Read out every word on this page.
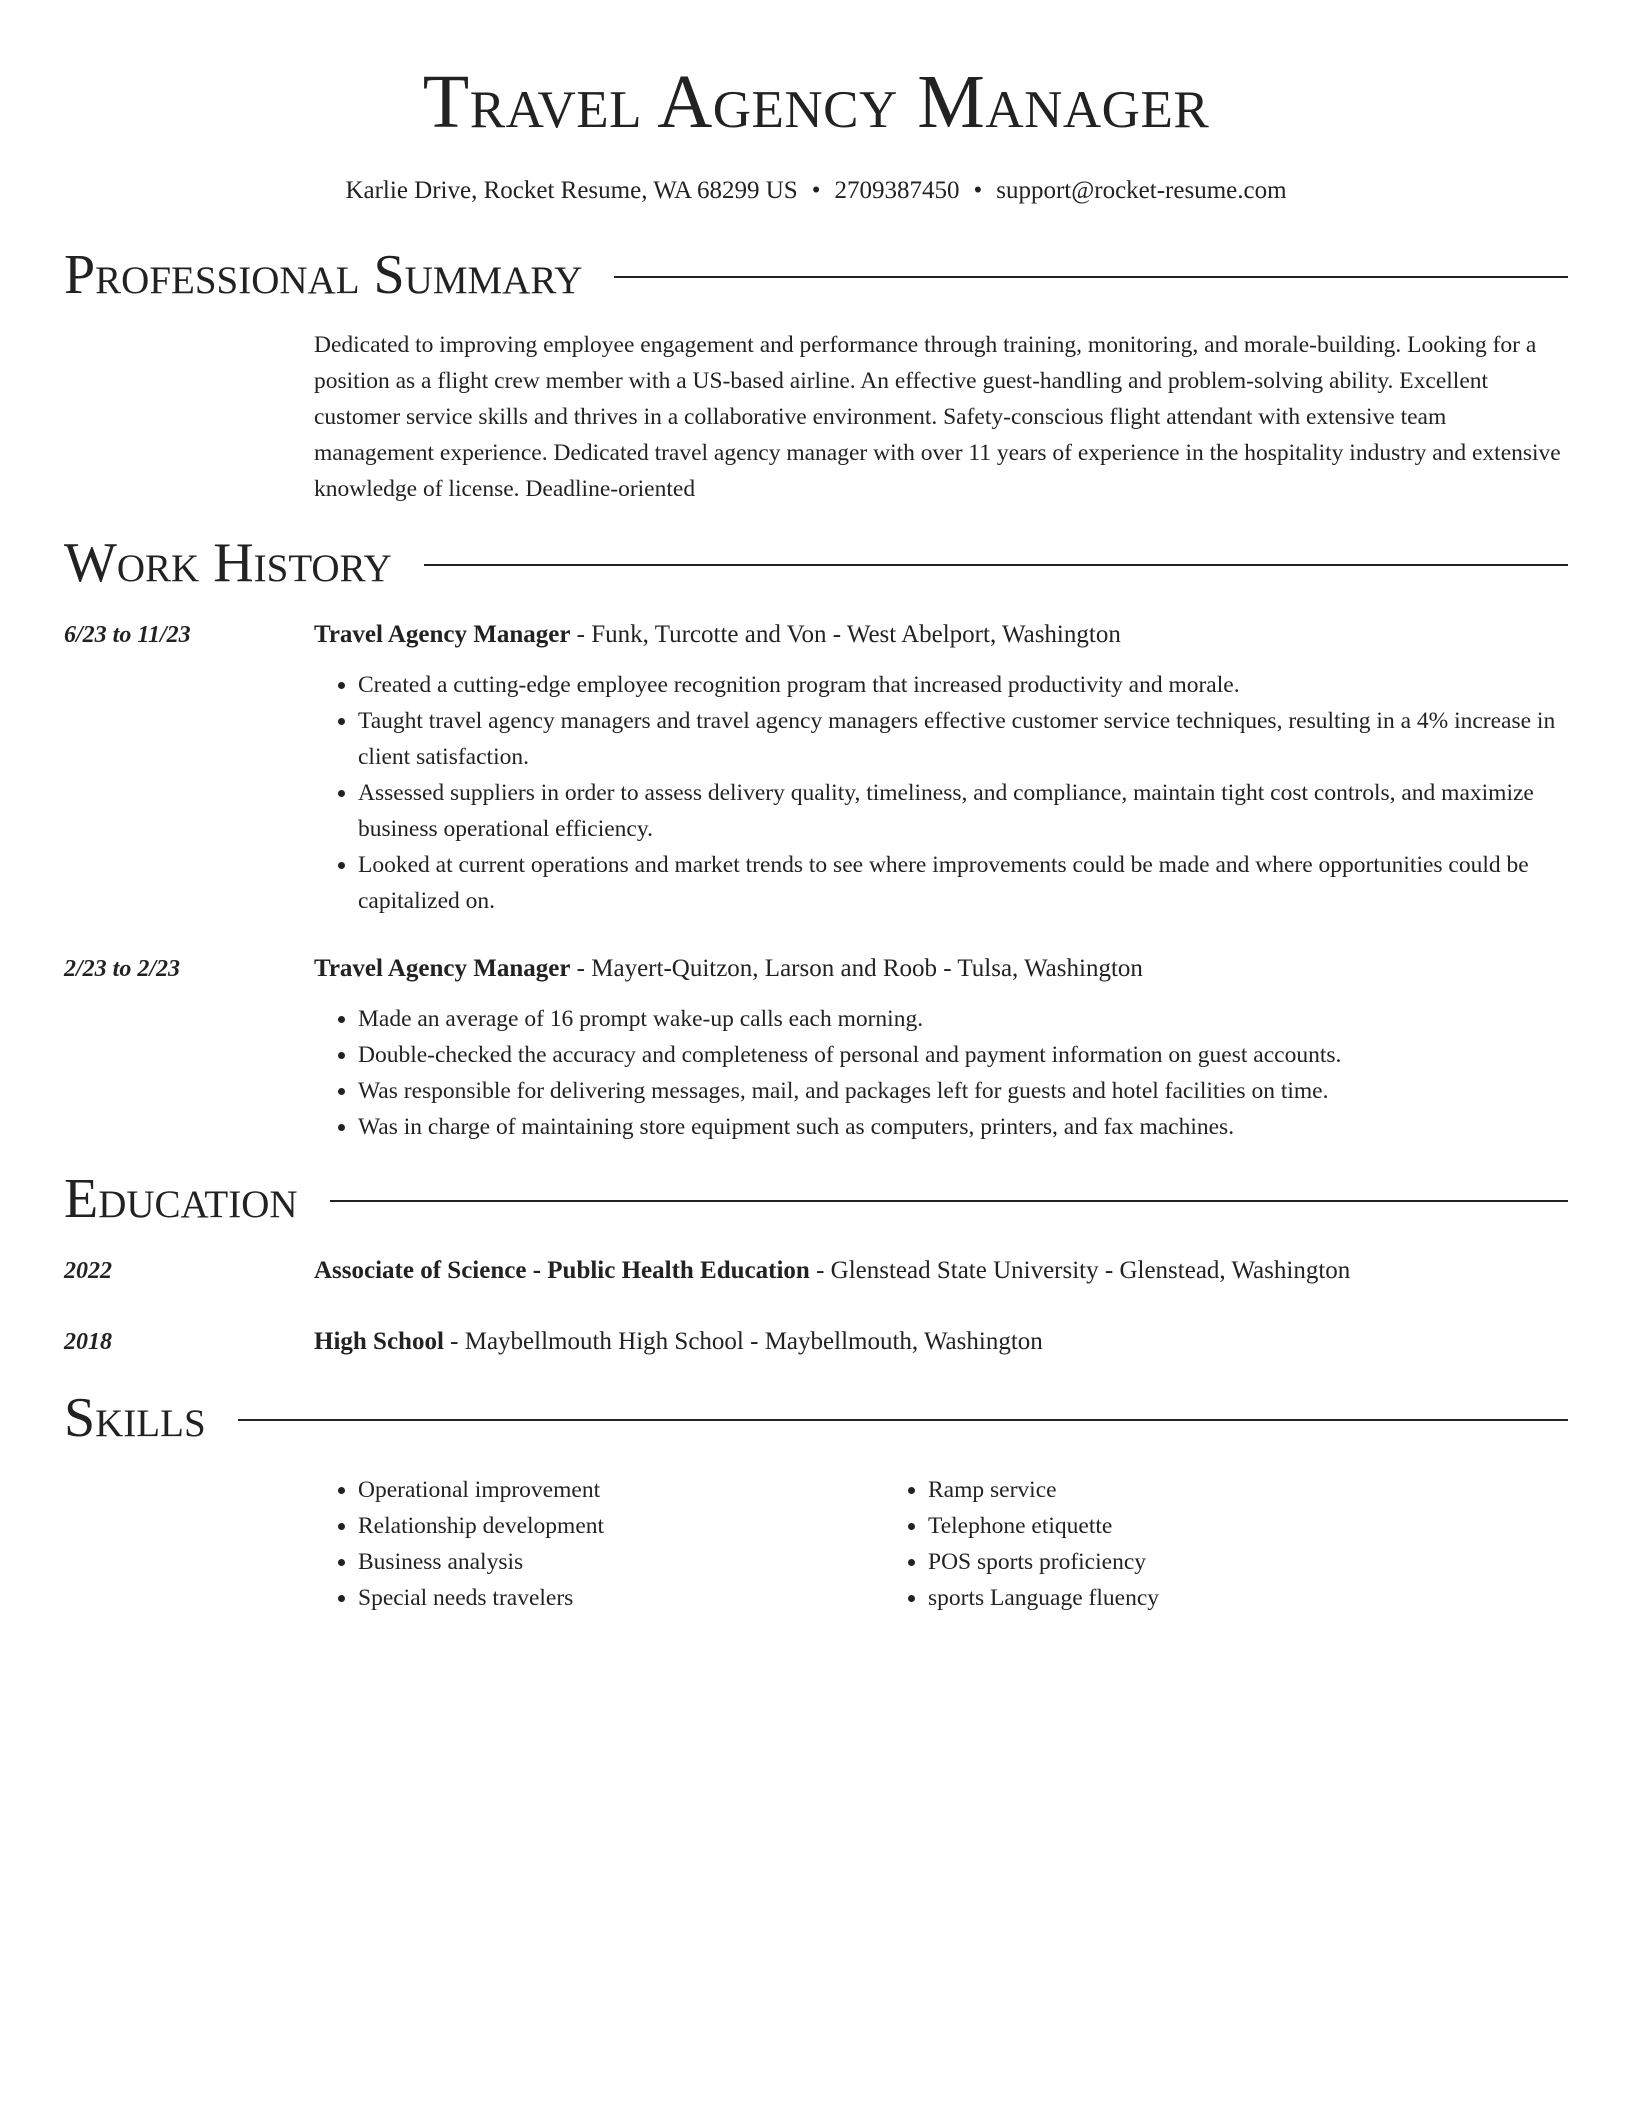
Travel Agency Manager
Karlie Drive, Rocket Resume, WA 68299 US • 2709387450 • support@rocket-resume.com
Professional Summary
Dedicated to improving employee engagement and performance through training, monitoring, and morale-building. Looking for a position as a flight crew member with a US-based airline. An effective guest-handling and problem-solving ability. Excellent customer service skills and thrives in a collaborative environment. Safety-conscious flight attendant with extensive team management experience. Dedicated travel agency manager with over 11 years of experience in the hospitality industry and extensive knowledge of license. Deadline-oriented
Work History
6/23 to 11/23	Travel Agency Manager - Funk, Turcotte and Von - West Abelport, Washington
• Created a cutting-edge employee recognition program that increased productivity and morale.
• Taught travel agency managers and travel agency managers effective customer service techniques, resulting in a 4% increase in client satisfaction.
• Assessed suppliers in order to assess delivery quality, timeliness, and compliance, maintain tight cost controls, and maximize business operational efficiency.
• Looked at current operations and market trends to see where improvements could be made and where opportunities could be capitalized on.
2/23 to 2/23	Travel Agency Manager - Mayert-Quitzon, Larson and Roob - Tulsa, Washington
• Made an average of 16 prompt wake-up calls each morning.
• Double-checked the accuracy and completeness of personal and payment information on guest accounts.
• Was responsible for delivering messages, mail, and packages left for guests and hotel facilities on time.
• Was in charge of maintaining store equipment such as computers, printers, and fax machines.
Education
2022	Associate of Science - Public Health Education - Glenstead State University - Glenstead, Washington
2018	High School - Maybellmouth High School - Maybellmouth, Washington
Skills
• Operational improvement
• Relationship development
• Business analysis
• Special needs travelers
• Ramp service
• Telephone etiquette
• POS sports proficiency
• sports Language fluency
